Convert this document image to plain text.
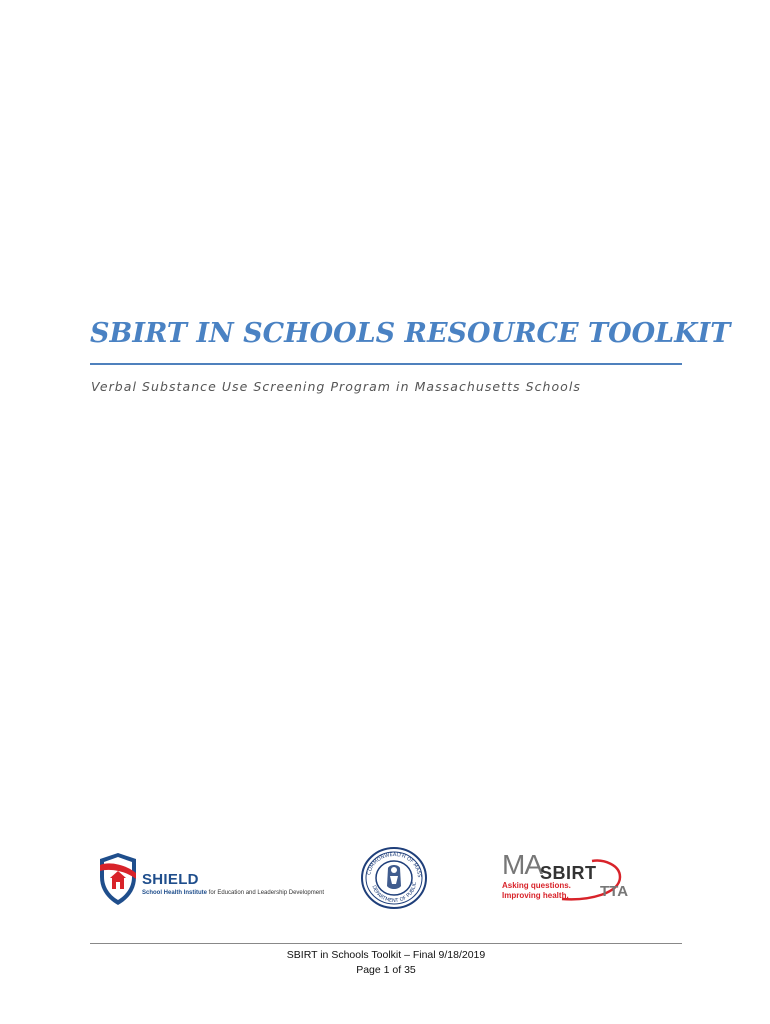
SBIRT IN SCHOOLS RESOURCE TOOLKIT
Verbal Substance Use Screening Program in Massachusetts Schools
SHIELD
School Health Institute for Education and Leadership Development
COMMONWEALTH OF MASS
DEPARTMENT OF PUBLIC
MA
SBIRT
TTA
Asking questions.
Improving health.
SBIRT in Schools Toolkit – Final 9/18/2019
Page 1 of 35
